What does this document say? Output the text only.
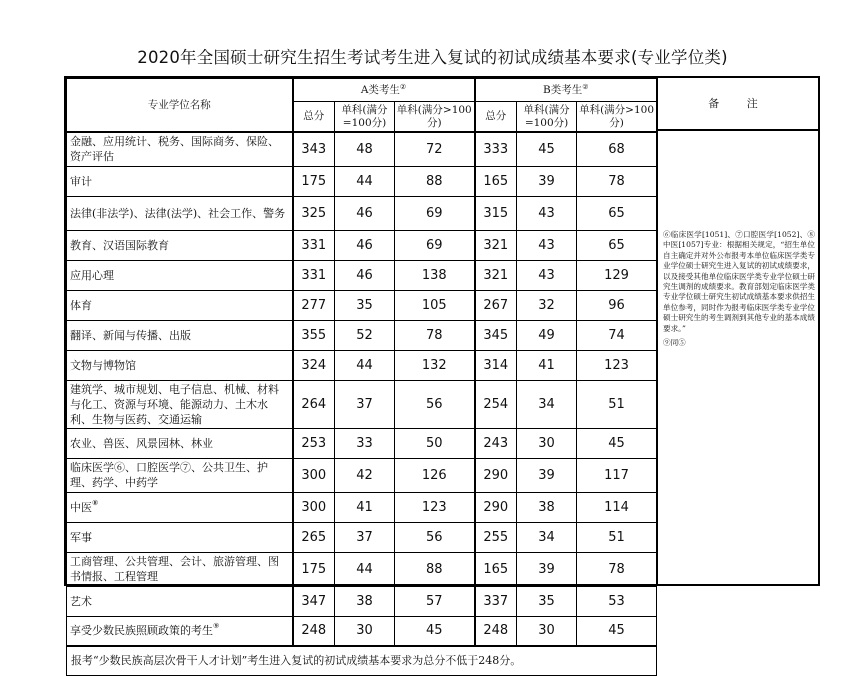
2020年全国硕士研究生招生考试考生进入复试的初试成绩基本要求(专业学位类)
专业学位名称	A类考生②			B类考生②
	总分	单科(满分=100分)	单科(满分>100分)	总分	单科(满分=100分)	单科(满分>100分)
金融、应用统计、税务、国际商务、保险、资产评估	343	48	72	333	45	68
审计	175	44	88	165	39	78
法律(非法学)、法律(法学)、社会工作、警务	325	46	69	315	43	65
教育、汉语国际教育	331	46	69	321	43	65
应用心理	331	46	138	321	43	129
体育	277	35	105	267	32	96
翻译、新闻与传播、出版	355	52	78	345	49	74
文物与博物馆	324	44	132	314	41	123
建筑学、城市规划、电子信息、机械、材料与化工、资源与环境、能源动力、土木水利、生物与医药、交通运输	264	37	56	254	34	51
农业、兽医、风景园林、林业	253	33	50	243	30	45
临床医学⑥、口腔医学⑦、公共卫生、护理、药学、中药学	300	42	126	290	39	117
中医⑧	300	41	123	290	38	114
军事	265	37	56	255	34	51
工商管理、公共管理、会计、旅游管理、图书情报、工程管理	175	44	88	165	39	78
艺术	347	38	57	337	35	53
享受少数民族照顾政策的考生⑨	248	30	45	248	30	45
报考“少数民族高层次骨干人才计划”考生进入复试的初试成绩基本要求为总分不低于248分。						
备 注
⑥临床医学[1051]、⑦口腔医学[1052]、⑧中医[1057]专业：根据相关规定，“招生单位自主确定并对外公布报考本单位临床医学类专业学位硕士研究生进入复试的初试成绩要求，以及接受其他单位临床医学类专业学位硕士研究生调剂的成绩要求。教育部划定临床医学类专业学位硕士研究生初试成绩基本要求供招生单位参考，同时作为报考临床医学类专业学位硕士研究生的考生调剂到其他专业的基本成绩要求。”
⑨同⑤
